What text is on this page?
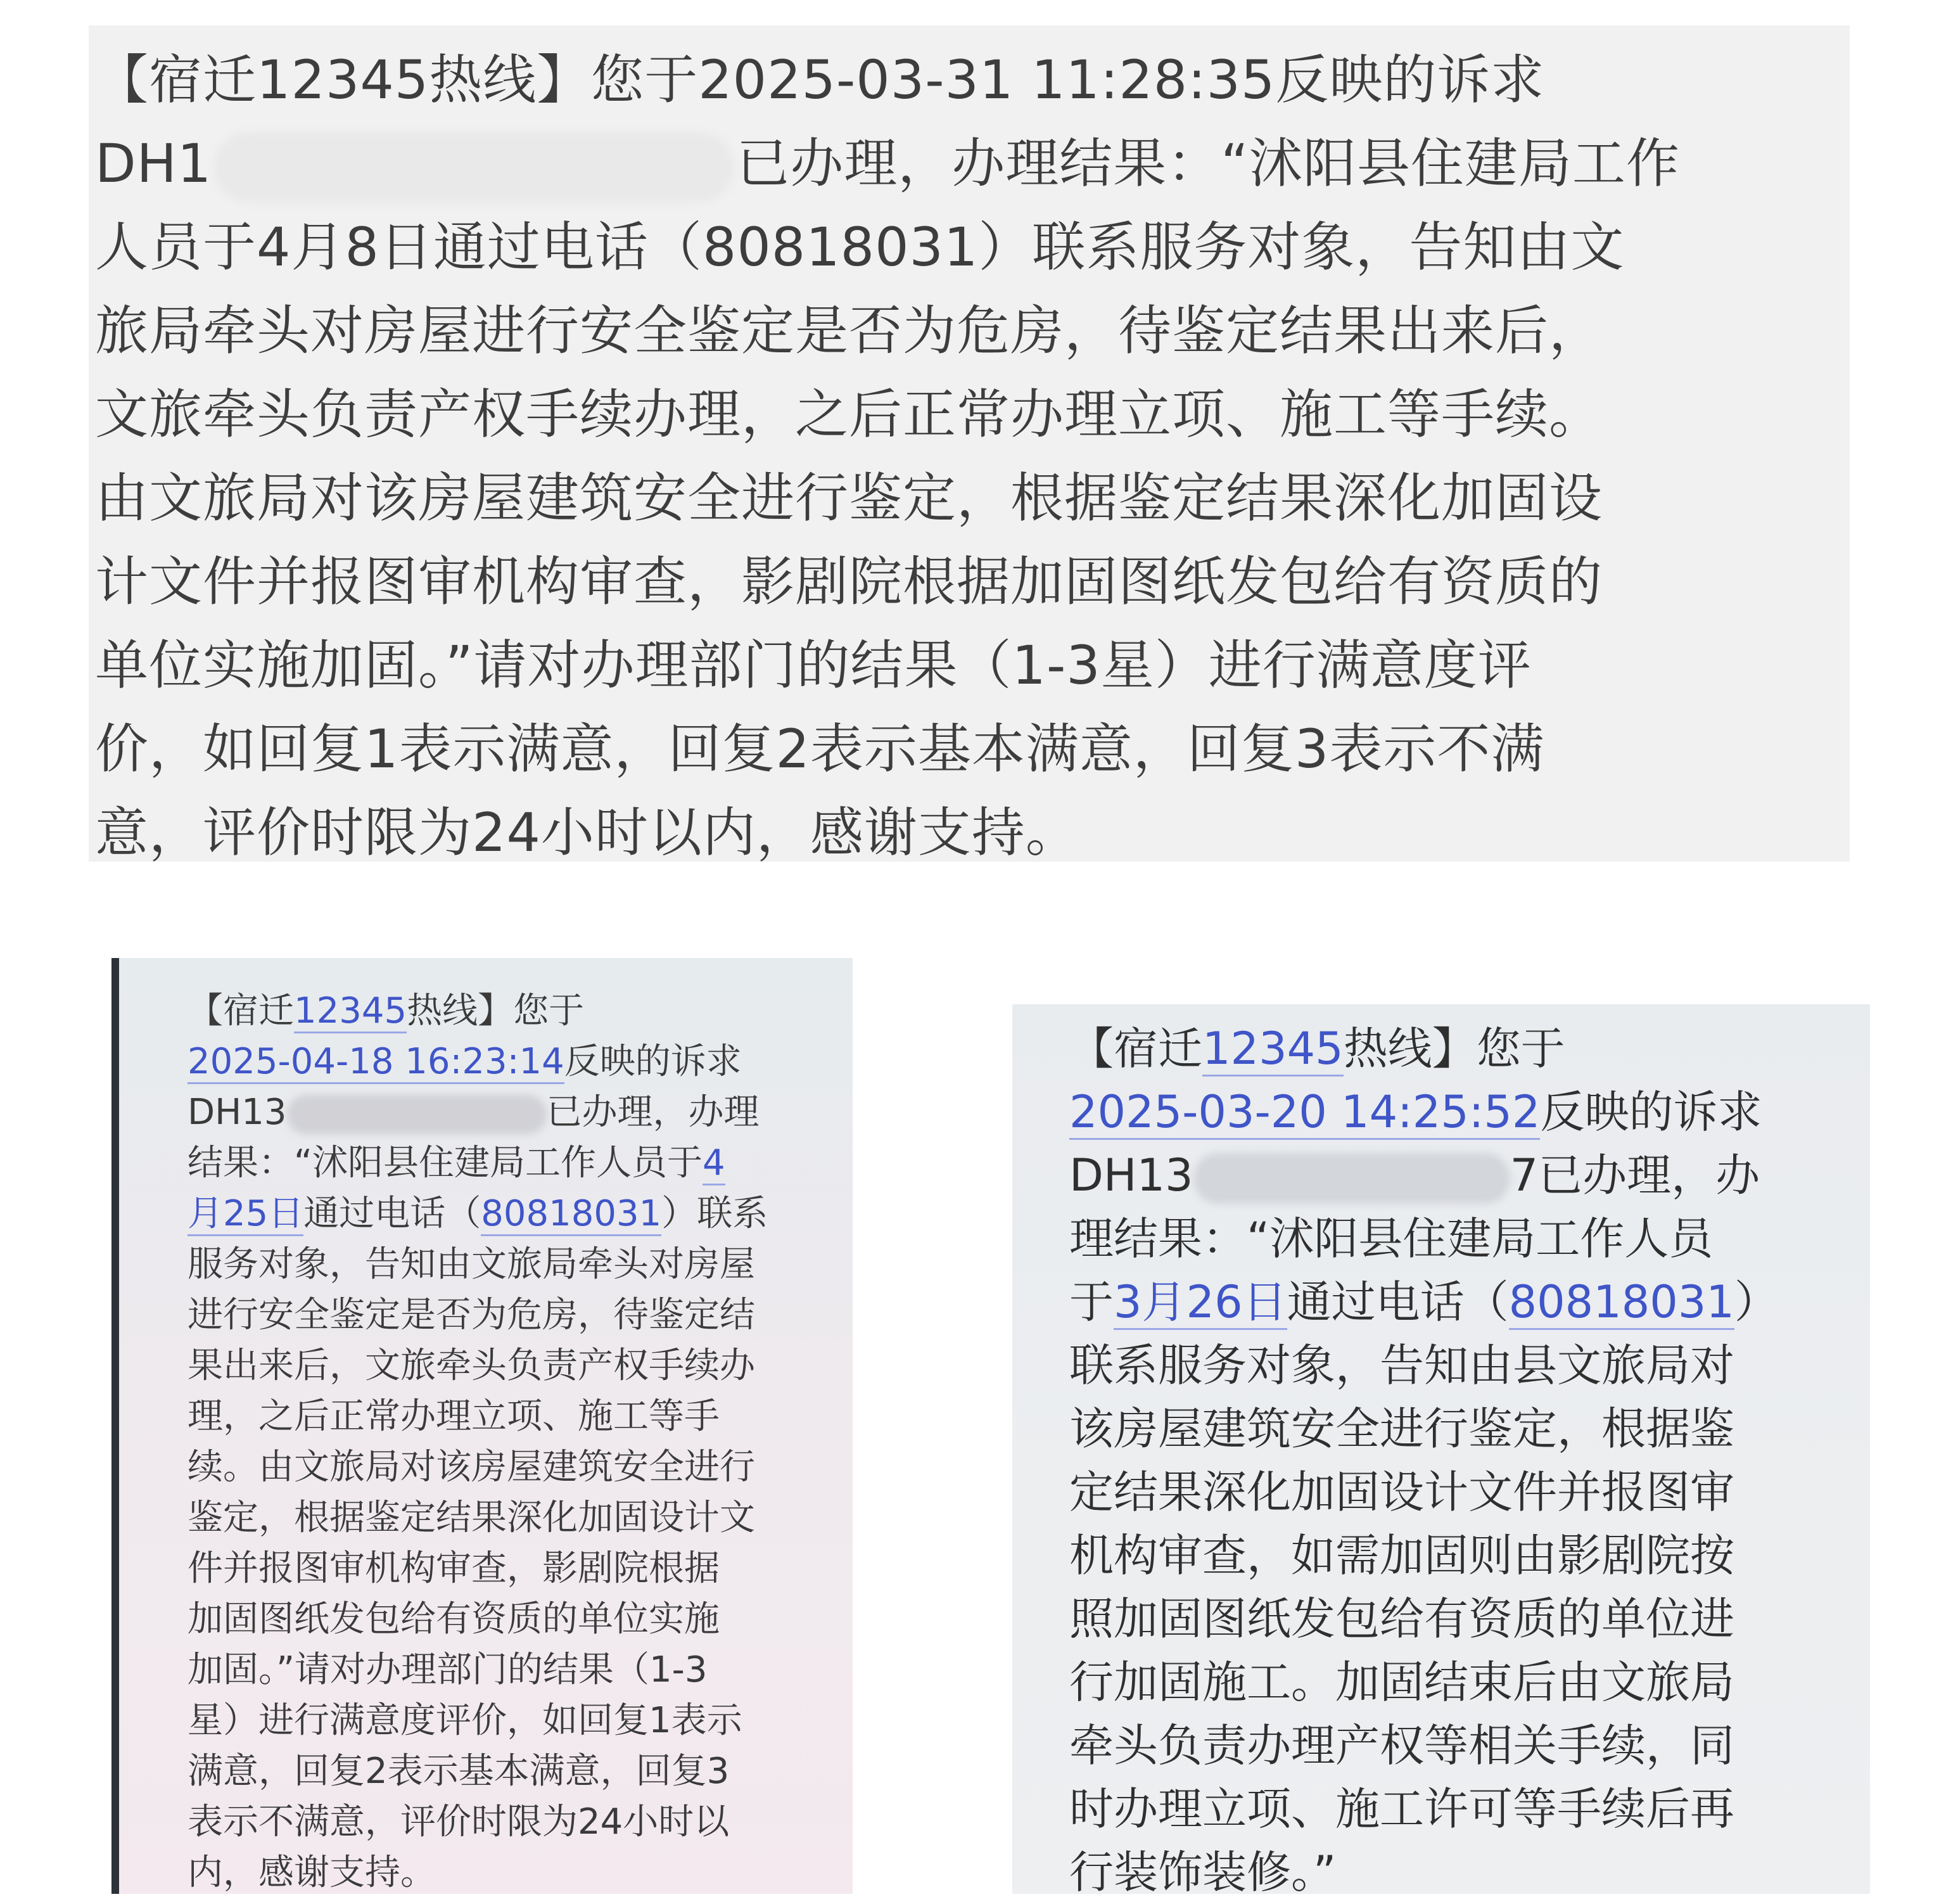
【宿迁12345热线】您于2025-03-31 11:28:35反映的诉求
DH1	已办理，办理结果：“沭阳县住建局工作
人员于4月8日通过电话（80818031）联系服务对象，告知由文
旅局牵头对房屋进行安全鉴定是否为危房，待鉴定结果出来后，
文旅牵头负责产权手续办理，之后正常办理立项、施工等手续。
由文旅局对该房屋建筑安全进行鉴定，根据鉴定结果深化加固设
计文件并报图审机构审查，影剧院根据加固图纸发包给有资质的
单位实施加固。”请对办理部门的结果（1-3星）进行满意度评
价，如回复1表示满意，回复2表示基本满意，回复3表示不满
意，评价时限为24小时以内，感谢支持。
【宿迁12345热线】您于
2025-04-18 16:23:14反映的诉求
DH13	已办理，办理
结果：“沭阳县住建局工作人员于4
月25日通过电话（80818031）联系
服务对象，告知由文旅局牵头对房屋
进行安全鉴定是否为危房，待鉴定结
果出来后，文旅牵头负责产权手续办
理，之后正常办理立项、施工等手
续。由文旅局对该房屋建筑安全进行
鉴定，根据鉴定结果深化加固设计文
件并报图审机构审查，影剧院根据
加固图纸发包给有资质的单位实施
加固。”请对办理部门的结果（1-3
星）进行满意度评价，如回复1表示
满意，回复2表示基本满意，回复3
表示不满意，评价时限为24小时以
内，感谢支持。
【宿迁12345热线】您于
2025-03-20 14:25:52反映的诉求
DH13	7已办理，办
理结果：“沭阳县住建局工作人员
于3月26日通过电话（80818031）
联系服务对象，告知由县文旅局对
该房屋建筑安全进行鉴定，根据鉴
定结果深化加固设计文件并报图审
机构审查，如需加固则由影剧院按
照加固图纸发包给有资质的单位进
行加固施工。加固结束后由文旅局
牵头负责办理产权等相关手续，同
时办理立项、施工许可等手续后再
行装饰装修。”
